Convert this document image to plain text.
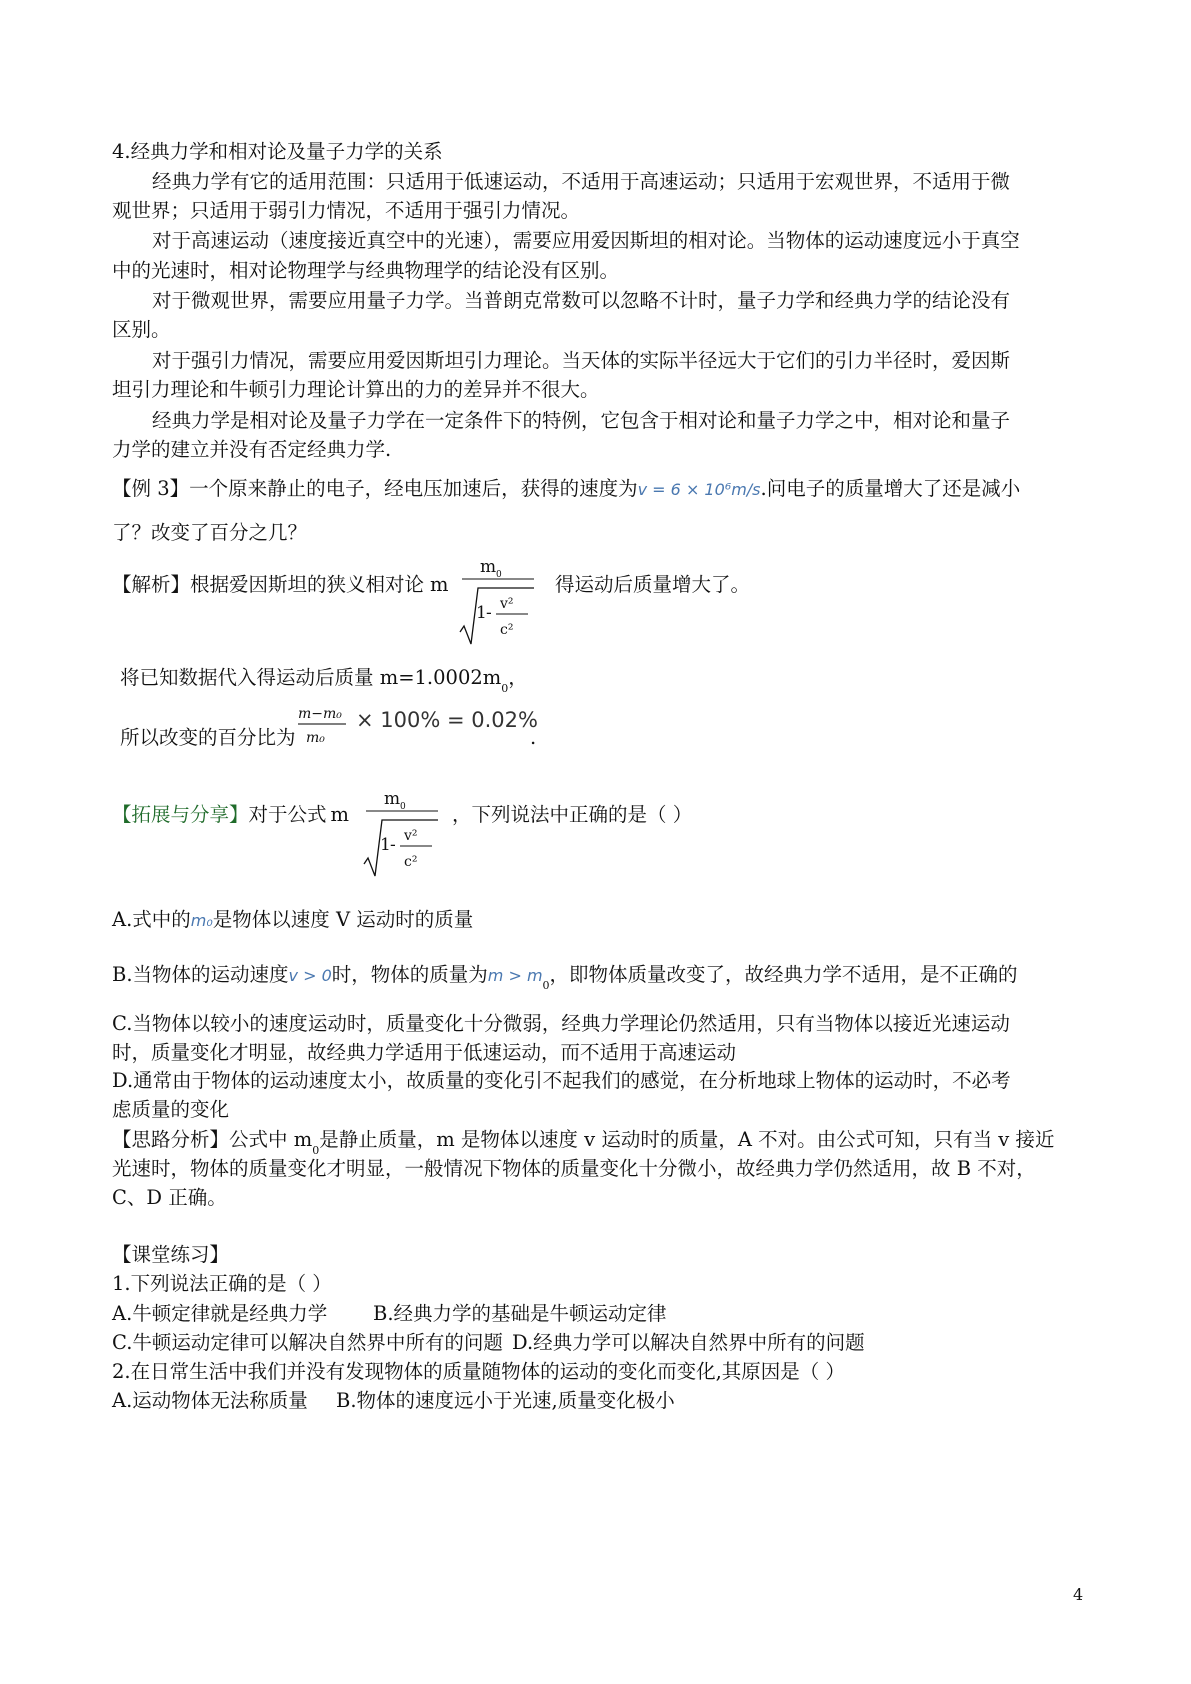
4.经典力学和相对论及量子力学的关系
经典力学有它的适用范围：只适用于低速运动，不适用于高速运动；只适用于宏观世界，不适用于微
观世界；只适用于弱引力情况，不适用于强引力情况。
对于高速运动（速度接近真空中的光速），需要应用爱因斯坦的相对论。当物体的运动速度远小于真空
中的光速时，相对论物理学与经典物理学的结论没有区别。
对于微观世界，需要应用量子力学。当普朗克常数可以忽略不计时，量子力学和经典力学的结论没有
区别。
对于强引力情况，需要应用爱因斯坦引力理论。当天体的实际半径远大于它们的引力半径时，爱因斯
坦引力理论和牛顿引力理论计算出的力的差异并不很大。
经典力学是相对论及量子力学在一定条件下的特例，它包含于相对论和量子力学之中，相对论和量子
力学的建立并没有否定经典力学.
【例 3】一个原来静止的电子，经电压加速后，获得的速度为v = 6 × 10⁶m/s.问电子的质量增大了还是减小
了？改变了百分之几？
【解析】根据爱因斯坦的狭义相对论 m
m 0
1 - v²
c²
得运动后质量增大了。
将已知数据代入得运动后质量 $m=1.0002m_0$，
所以改变的百分比为
m−m₀
m₀
× 100% = 0.02%
.
【拓展与分享】对于公式 m
m 0
1 - v²
c²
，下列说法中正确的是（ ）
A.式中的m₀是物体以速度 V 运动时的质量
B.当物体的运动速度v > 0时，物体的质量为$m > m_0$，即物体质量改变了，故经典力学不适用，是不正确的
C.当物体以较小的速度运动时，质量变化十分微弱，经典力学理论仍然适用，只有当物体以接近光速运动
时，质量变化才明显，故经典力学适用于低速运动，而不适用于高速运动
D.通常由于物体的运动速度太小，故质量的变化引不起我们的感觉，在分析地球上物体的运动时，不必考
虑质量的变化
【思路分析】公式中 $m_0$是静止质量，m 是物体以速度 v 运动时的质量，A 不对。由公式可知，只有当 v 接近
光速时，物体的质量变化才明显，一般情况下物体的质量变化十分微小，故经典力学仍然适用，故 B 不对，
C、D 正确。
【课堂练习】
1.下列说法正确的是（ ）
A.牛顿定律就是经典力学 B.经典力学的基础是牛顿运动定律
C.牛顿运动定律可以解决自然界中所有的问题 D.经典力学可以解决自然界中所有的问题
2.在日常生活中我们并没有发现物体的质量随物体的运动的变化而变化,其原因是（ ）
A.运动物体无法称质量 B.物体的速度远小于光速,质量变化极小
4
